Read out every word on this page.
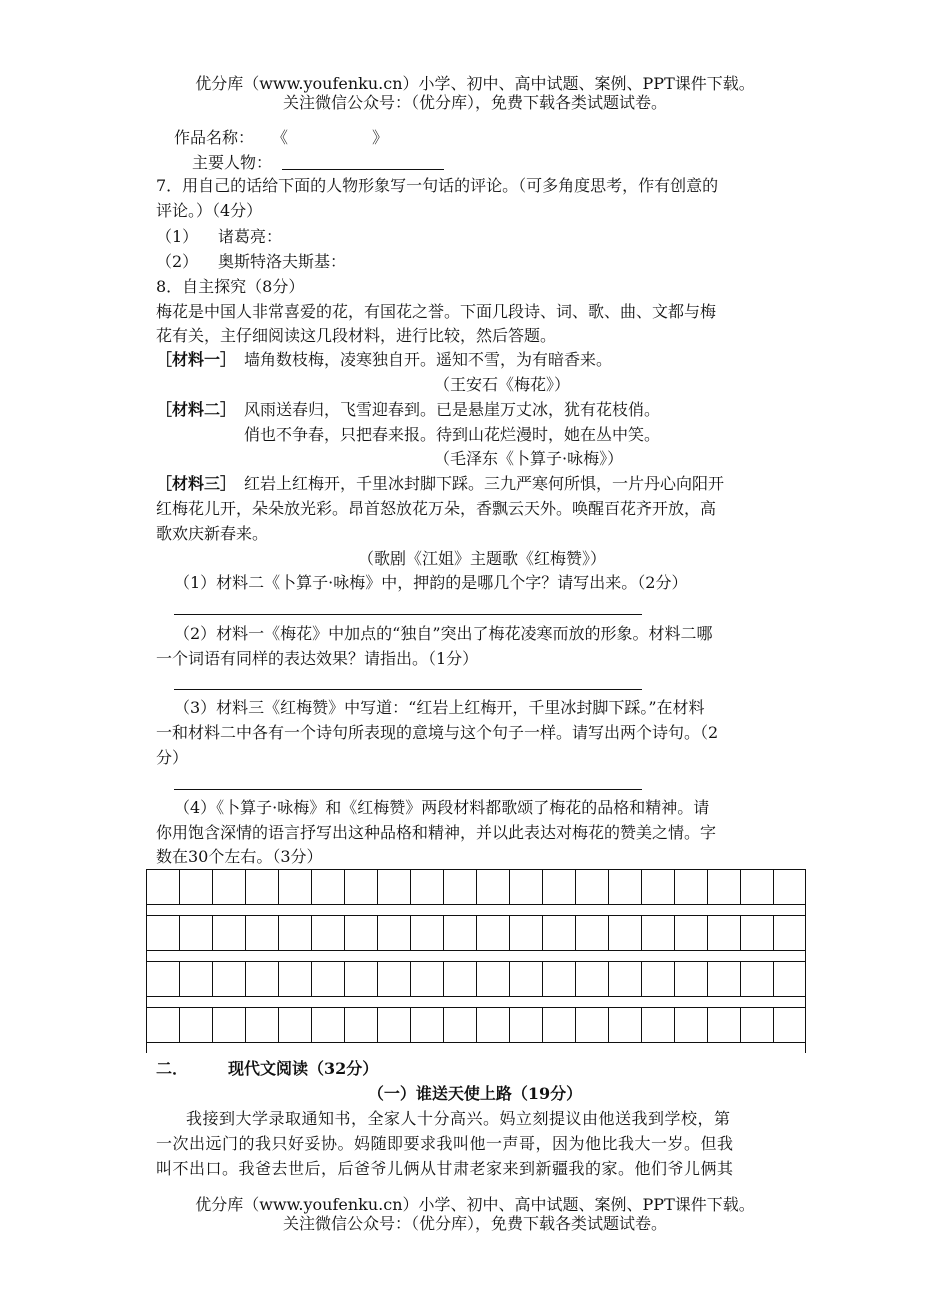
优分库（www.youfenku.cn）小学、初中、高中试题、案例、PPT课件下载。
关注微信公众号：（优分库），免费下载各类试题试卷。
作品名称： 《	》
主要人物：
7．用自己的话给下面的人物形象写一句话的评论。（可多角度思考，作有创意的
评论。）（4分）
（1） 诸葛亮：
（2） 奥斯特洛夫斯基：
8．自主探究（8分）
梅花是中国人非常喜爱的花，有国花之誉。下面几段诗、词、歌、曲、文都与梅
花有关，主仔细阅读这几段材料，进行比较，然后答题。
［材料一］ 墙角数枝梅，凌寒独自开。遥知不雪，为有暗香来。
（王安石《梅花》）
［材料二］ 风雨送春归，飞雪迎春到。已是悬崖万丈冰，犹有花枝俏。
俏也不争春，只把春来报。待到山花烂漫时，她在丛中笑。
（毛泽东《卜算子·咏梅》）
［材料三］ 红岩上红梅开，千里冰封脚下踩。三九严寒何所惧，一片丹心向阳开
红梅花儿开，朵朵放光彩。昂首怒放花万朵，香飘云天外。唤醒百花齐开放，高
歌欢庆新春来。
（歌剧《江姐》主题歌《红梅赞》）
（1）材料二《卜算子·咏梅》中，押韵的是哪几个字？请写出来。（2分）
（2）材料一《梅花》中加点的“独自”突出了梅花凌寒而放的形象。材料二哪
一个词语有同样的表达效果？请指出。（1分）
（3）材料三《红梅赞》中写道：“红岩上红梅开，千里冰封脚下踩。”在材料
一和材料二中各有一个诗句所表现的意境与这个句子一样。请写出两个诗句。（2
分）
（4）《卜算子·咏梅》和《红梅赞》两段材料都歌颂了梅花的品格和精神。请
你用饱含深情的语言抒写出这种品格和精神，并以此表达对梅花的赞美之情。字
数在30个左右。（3分）
二． 现代文阅读（32分）
（一）谁送天使上路（19分）
我接到大学录取通知书，全家人十分高兴。妈立刻提议由他送我到学校，第
一次出远门的我只好妥协。妈随即要求我叫他一声哥，因为他比我大一岁。但我
叫不出口。我爸去世后，后爸爷儿俩从甘肃老家来到新疆我的家。他们爷儿俩其
优分库（www.youfenku.cn）小学、初中、高中试题、案例、PPT课件下载。
关注微信公众号：（优分库），免费下载各类试题试卷。
